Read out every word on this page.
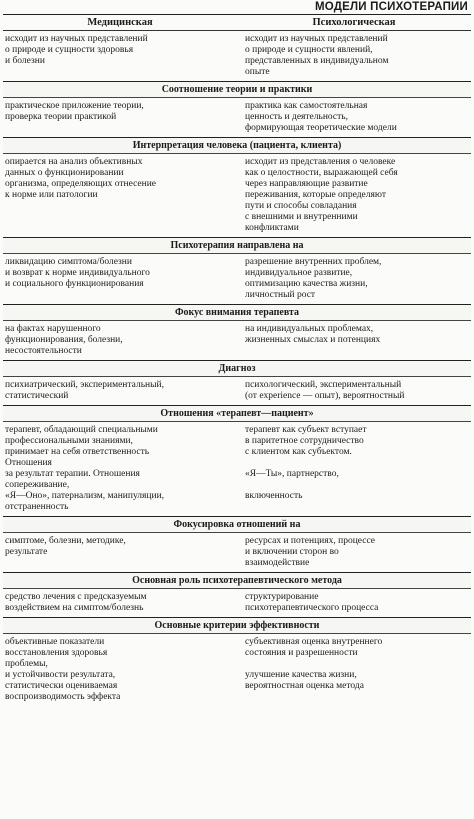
МОДЕЛИ ПСИХОТЕРАПИИ
Медицинская	Психологическая
исходит из научных представлений
о природе и сущности здоровья
и болезни
исходит из научных представлений
о природе и сущности явлений,
представленных в индивидуальном
опыте
Соотношение теории и практики
практическое приложение теории,
проверка теории практикой
практика как самостоятельная
ценность и деятельность,
формирующая теоретические модели
Интерпретация человека (пациента, клиента)
опирается на анализ объективных
данных о функционировании
организма, определяющих отнесение
к норме или патологии
исходит из представления о человеке
как о целостности, выражающей себя
через направляющие развитие
переживания, которые определяют
пути и способы совладания
с внешними и внутренними
конфликтами
Психотерапия направлена на
ликвидацию симптома/болезни
и возврат к норме индивидуального
и социального функционирования
разрешение внутренних проблем,
индивидуальное развитие,
оптимизацию качества жизни,
личностный рост
Фокус внимания терапевта
на фактах нарушенного
функционирования, болезни,
несостоятельности
на индивидуальных проблемах,
жизненных смыслах и потенциях
Диагноз
психиатрический, экспериментальный,
статистический
психологический, экспериментальный
(от experience — опыт), вероятностный
Отношения «терапевт—пациент»
терапевт, обладающий специальными
профессиональными знаниями,
принимает на себя ответственность
Отношения
за результат терапии. Отношения
сопереживание,
«Я—Оно», патернализм, манипуляции,
отстраненность
терапевт как субъект вступает
в паритетное сотрудничество
с клиентом как субъектом.

«Я—Ты», партнерство,

включенность

Фокусировка отношений на
симптоме, болезни, методике,
результате
ресурсах и потенциях, процессе
и включении сторон во
взаимодействие
Основная роль психотерапевтического метода
средство лечения с предсказуемым
воздействием на симптом/болезнь
структурирование
психотерапевтического процесса
Основные критерии эффективности
объективные показатели
восстановления здоровья
проблемы,
и устойчивости результата,
статистически оцениваемая
воспроизводимость эффекта
субъективная оценка внутреннего
состояния и разрешенности

улучшение качества жизни,
вероятностная оценка метода
